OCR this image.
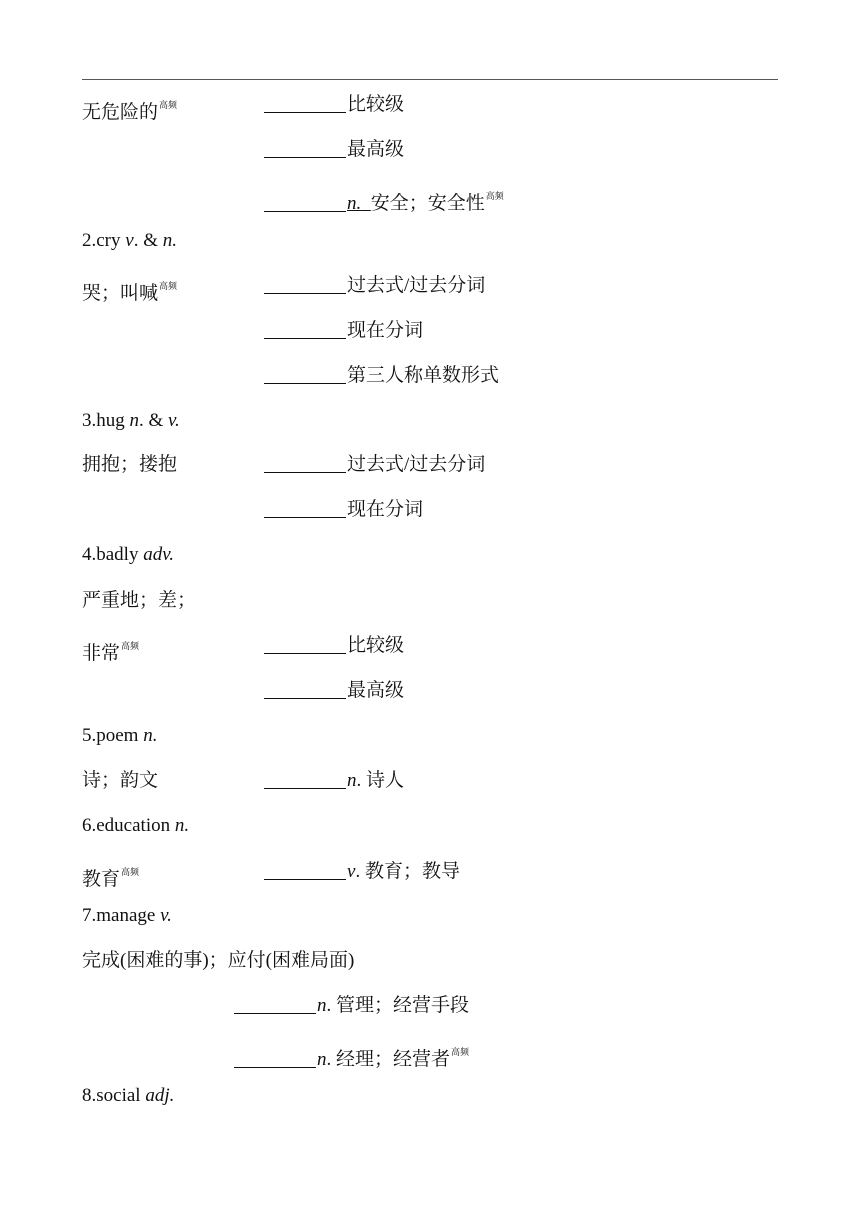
无危险的$^{高频}$	比较级
最高级
n. 安全；安全性$^{高频}$
2.cry v. & n.
哭；叫喊$^{高频}$	过去式/过去分词
现在分词
第三人称单数形式
3.hug n. & v.
拥抱；搂抱	过去式/过去分词
现在分词
4.badly adv.
严重地；差；
非常$^{高频}$	比较级
最高级
5.poem n.
诗；韵文	n. 诗人
6.education n.
教育$^{高频}$	v. 教育；教导
7.manage v.
完成(困难的事)；应付(困难局面)
n. 管理；经营手段
n. 经理；经营者$^{高频}$
8.social adj.
